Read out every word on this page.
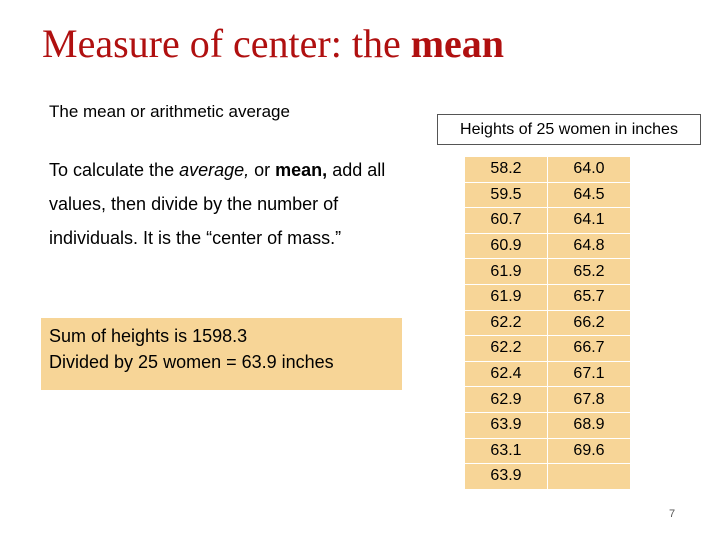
Measure of center: the mean
The mean or arithmetic average
To calculate the average, or mean, add all values, then divide by the number of individuals. It is the “center of mass.”
Sum of heights is 1598.3
Divided by 25 women = 63.9 inches
Heights of 25 women in inches
58.2	64.0
59.5	64.5
60.7	64.1
60.9	64.8
61.9	65.2
61.9	65.7
62.2	66.2
62.2	66.7
62.4	67.1
62.9	67.8
63.9	68.9
63.1	69.6
63.9	
7
